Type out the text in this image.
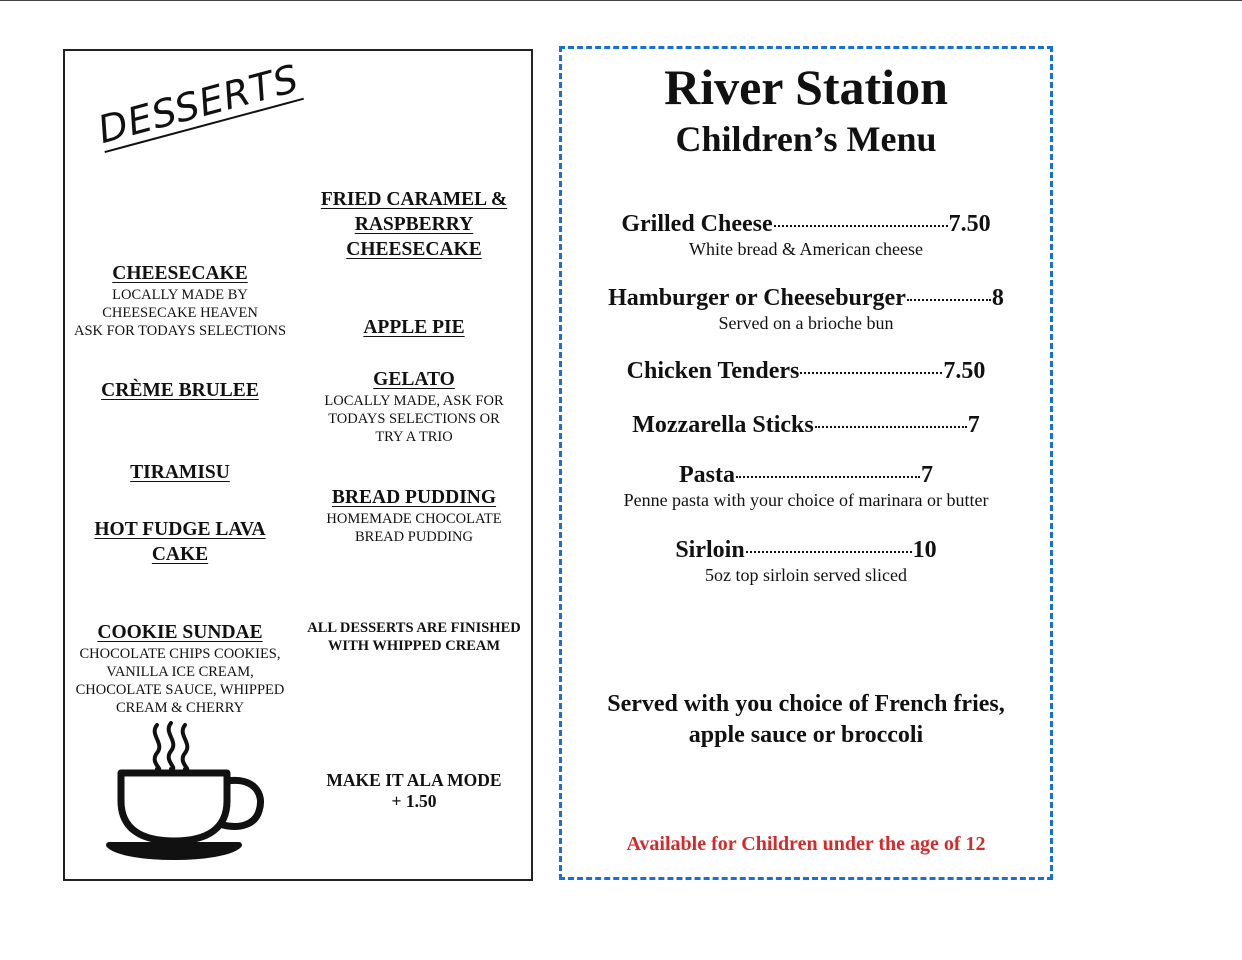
DESSERTS
FRIED CARAMEL &
RASPBERRY
CHEESECAKE
CHEESECAKE
LOCALLY MADE BY
CHEESECAKE HEAVEN
ASK FOR TODAYS SELECTIONS	APPLE PIE
CRÈME BRULEE
GELATO
LOCALLY MADE, ASK FOR
TODAYS SELECTIONS OR
TRY A TRIO
TIRAMISU
BREAD PUDDING
HOMEMADE CHOCOLATE
BREAD PUDDING
HOT FUDGE LAVA
CAKE
ALL DESSERTS ARE FINISHED
WITH WHIPPED CREAM
COOKIE SUNDAE
CHOCOLATE CHIPS COOKIES,
VANILLA ICE CREAM,
CHOCOLATE SAUCE, WHIPPED
CREAM & CHERRY
MAKE IT ALA MODE
+ 1.50
River Station
Children’s Menu
Grilled Cheese	7.50
White bread & American cheese
Hamburger or Cheeseburger	8
Served on a brioche bun
Chicken Tenders	7.50
Mozzarella Sticks	7
Pasta	7
Penne pasta with your choice of marinara or butter
Sirloin	10
5oz top sirloin served sliced
Served with you choice of French fries,
apple sauce or broccoli
Available for Children under the age of 12
